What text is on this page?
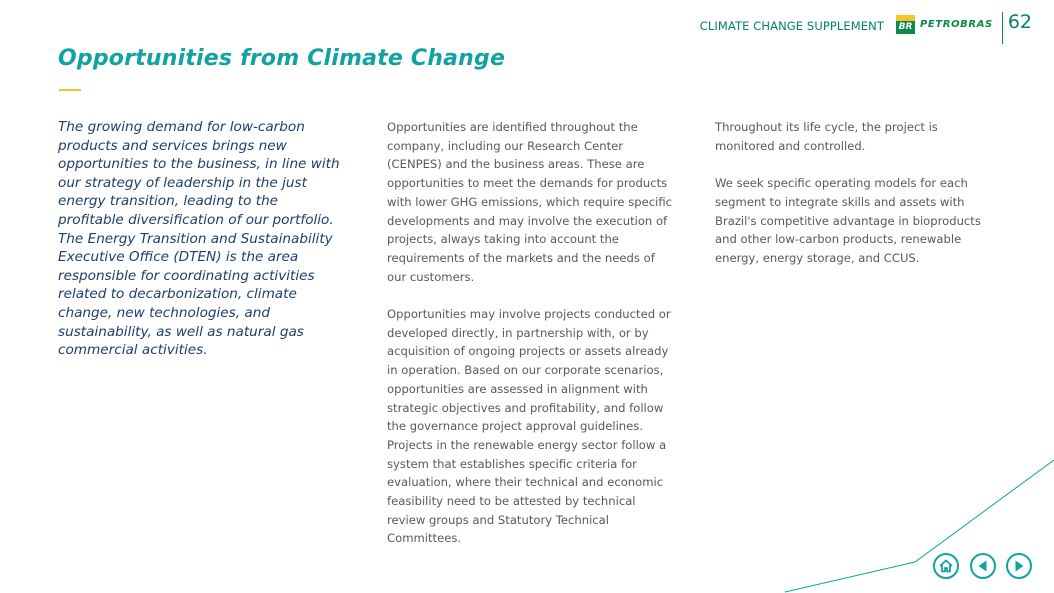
CLIMATE CHANGE SUPPLEMENT BR PETROBRAS 62
Opportunities from Climate Change

The growing demand for low-carbon products and services brings new opportunities to the business, in line with our strategy of leadership in the just energy transition, leading to the profitable diversification of our portfolio. The Energy Transition and Sustainability Executive Office (DTEN) is the area responsible for coordinating activities related to decarbonization, climate change, new technologies, and sustainability, as well as natural gas commercial activities.

Opportunities are identified throughout the company, including our Research Center (CENPES) and the business areas. These are opportunities to meet the demands for products with lower GHG emissions, which require specific developments and may involve the execution of projects, always taking into account the requirements of the markets and the needs of our customers.

Opportunities may involve projects conducted or developed directly, in partnership with, or by acquisition of ongoing projects or assets already in operation. Based on our corporate scenarios, opportunities are assessed in alignment with strategic objectives and profitability, and follow the governance project approval guidelines. Projects in the renewable energy sector follow a system that establishes specific criteria for evaluation, where their technical and economic feasibility need to be attested by technical review groups and Statutory Technical Committees.

Throughout its life cycle, the project is monitored and controlled.

We seek specific operating models for each segment to integrate skills and assets with Brazil's competitive advantage in bioproducts and other low-carbon products, renewable energy, energy storage, and CCUS.
